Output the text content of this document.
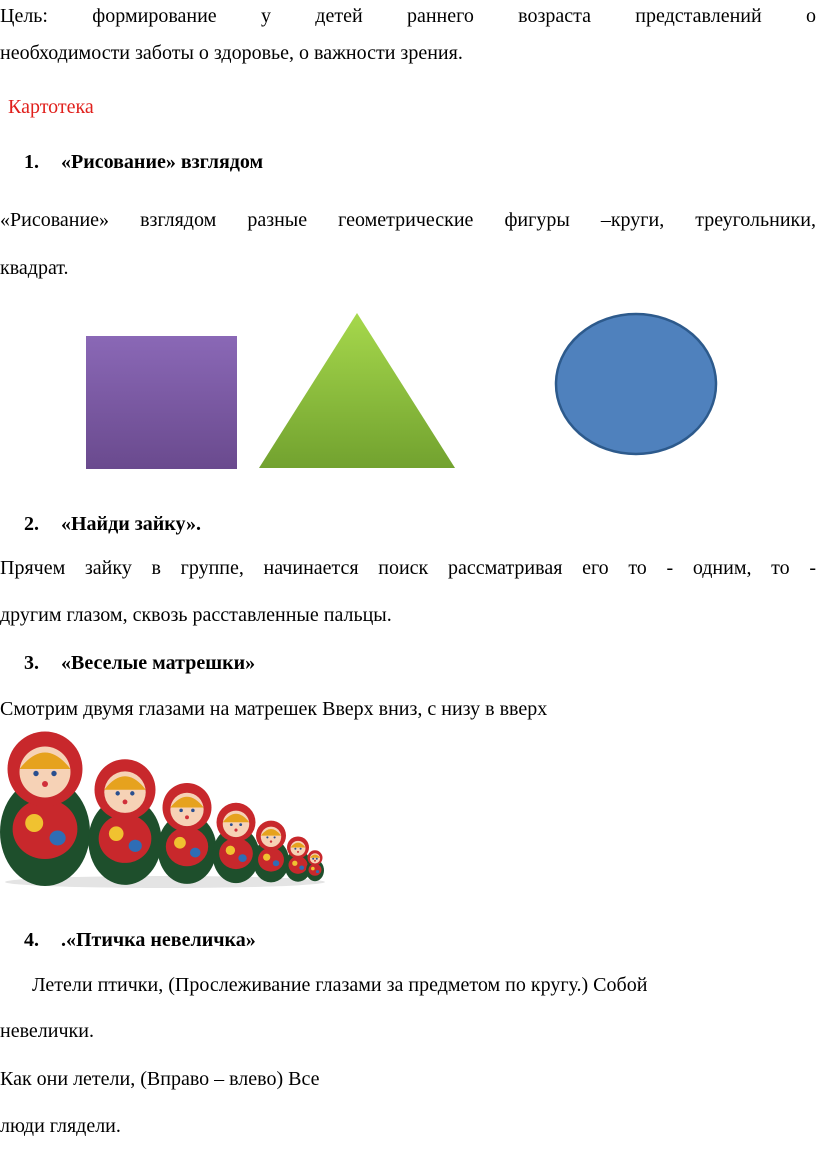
Цель: формирование у детей раннего возраста представлений о
необходимости заботы о здоровье, о важности зрения.
Картотека
1. «Рисование» взглядом
«Рисование» взглядом разные геометрические фигуры –круги, треугольники,
квадрат.
2. «Найди зайку».
Прячем зайку в группе, начинается поиск рассматривая его то - одним, то -
другим глазом, сквозь расставленные пальцы.
3. «Веселые матрешки»
Смотрим двумя глазами на матрешек Вверх вниз, с низу в вверх
4. .«Птичка невеличка»
Летели птички, (Прослеживание глазами за предметом по кругу.) Собой
невелички.
Как они летели, (Вправо – влево) Все
люди глядели.
